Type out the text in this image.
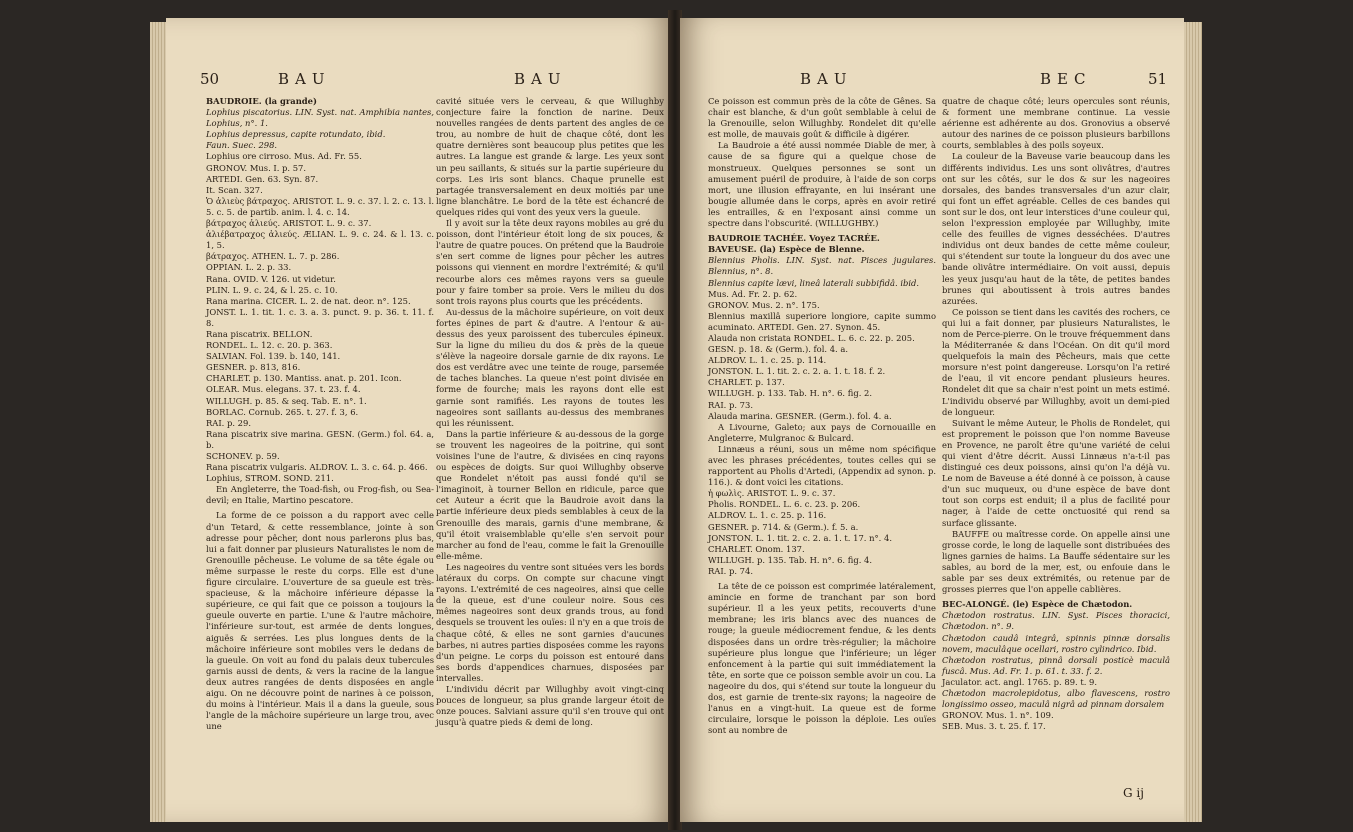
50	BAU	BAU

BAUDROIE. (la grande)

Lophius piscatorius. LIN. Syst. nat. Amphibia nantes, Lophius, n°. 1.

Lophius depressus, capite rotundato, ibid.

Faun. Suec. 298.

Lophius ore cirroso. Mus. Ad. Fr. 55.

GRONOV. Mus. I. p. 57.

ARTEDI. Gen. 63. Syn. 87.

It. Scan. 327.

Ὁ ἁλιεὺς βάτραχος. ARISTOT. L. 9. c. 37. l. 2. c. 13. l. 5. c. 5. de partib. anim. l. 4. c. 14.

βάτραχος ἁλιεύς. ARISTOT. L. 9. c. 37.

ἁλιέβατραχος ἁλιεύς. ÆLIAN. L. 9. c. 24. & l. 13. c. 1, 5.

βάτραχος. ATHEN. L. 7. p. 286.

OPPIAN. L. 2. p. 33.

Rana. OVID. V. 126. ut videtur.

PLIN. L. 9. c. 24, & l. 25. c. 10.

Rana marina. CICER. L. 2. de nat. deor. n°. 125.

JONST. L. 1. tit. 1. c. 3. a. 3. punct. 9. p. 36. t. 11. f. 8.

Rana piscatrix. BELLON.

RONDEL. L. 12. c. 20. p. 363.

SALVIAN. Fol. 139. b. 140, 141.

GESNER. p. 813, 816.

CHARLET. p. 130. Mantiss. anat. p. 201. Icon.

OLEAR. Mus. elegans. 37. t. 23. f. 4.

WILLUGH. p. 85. & seq. Tab. E. n°. 1.

BORLAC. Cornub. 265. t. 27. f. 3, 6.

RAI. p. 29.

Rana piscatrix sive marina. GESN. (Germ.) fol. 64. a, b.

SCHONEV. p. 59.

Rana piscatrix vulgaris. ALDROV. L. 3. c. 64. p. 466.

Lophius, STROM. SOND. 211.

En Angleterre, the Toad-fish, ou Frog-fish, ou Sea-devil; en Italie, Martino pescatore.

La forme de ce poisson a du rapport avec celle d'un Tetard, & cette ressemblance, jointe à son adresse pour pêcher, dont nous parlerons plus bas, lui a fait donner par plusieurs Naturalistes le nom de Grenouille pêcheuse. Le volume de sa tête égale ou même surpasse le reste du corps. Elle est d'une figure circulaire. L'ouverture de sa gueule est très-spacieuse, & la mâchoire inférieure dépasse la supérieure, ce qui fait que ce poisson a toujours la gueule ouverte en partie. L'une & l'autre mâchoire, l'inférieure sur-tout, est armée de dents longues, aiguës & serrées. Les plus longues dents de la mâchoire inférieure sont mobiles vers le dedans de la gueule. On voit au fond du palais deux tubercules garnis aussi de dents, & vers la racine de la langue deux autres rangées de dents disposées en angle aigu. On ne découvre point de narines à ce poisson, du moins à l'intérieur. Mais il a dans la gueule, sous l'angle de la mâchoire supérieure un large trou, avec une

cavité située vers le cerveau, & que Willughby conjecture faire la fonction de narine. Deux nouvelles rangées de dents partent des angles de ce trou, au nombre de huit de chaque côté, dont les quatre dernières sont beaucoup plus petites que les autres. La langue est grande & large. Les yeux sont un peu saillants, & situés sur la partie supérieure du corps. Les iris sont blancs. Chaque prunelle est partagée transversalement en deux moitiés par une ligne blanchâtre. Le bord de la tête est échancré de quelques rides qui vont des yeux vers la gueule.

Il y avoit sur la tête deux rayons mobiles au gré du poisson, dont l'intérieur étoit long de six pouces, & l'autre de quatre pouces. On prétend que la Baudroie s'en sert comme de lignes pour pêcher les autres poissons qui viennent en mordre l'extrémité; & qu'il recourbe alors ces mêmes rayons vers sa gueule pour y faire tomber sa proie. Vers le milieu du dos sont trois rayons plus courts que les précédents.

Au-dessus de la mâchoire supérieure, on voit deux fortes épines de part & d'autre. A l'entour & au-dessus des yeux paroissent des tubercules épineux. Sur la ligne du milieu du dos & près de la queue s'élève la nageoire dorsale garnie de dix rayons. Le dos est verdâtre avec une teinte de rouge, parsemée de taches blanches. La queue n'est point divisée en forme de fourche; mais les rayons dont elle est garnie sont ramifiés. Les rayons de toutes les nageoires sont saillants au-dessus des membranes qui les réunissent.

Dans la partie inférieure & au-dessous de la gorge se trouvent les nageoires de la poitrine, qui sont voisines l'une de l'autre, & divisées en cinq rayons ou espèces de doigts. Sur quoi Willughby observe que Rondelet n'étoit pas aussi fondé qu'il se l'imaginoit, à tourner Bellon en ridicule, parce que cet Auteur a écrit que la Baudroie avoit dans la partie inférieure deux pieds semblables à ceux de la Grenouille des marais, garnis d'une membrane, & qu'il étoit vraisemblable qu'elle s'en servoit pour marcher au fond de l'eau, comme le fait la Grenouille elle-même.

Les nageoires du ventre sont situées vers les bords latéraux du corps. On compte sur chacune vingt rayons. L'extrémité de ces nageoires, ainsi que celle de la queue, est d'une couleur noire. Sous ces mêmes nageoires sont deux grands trous, au fond desquels se trouvent les ouïes: il n'y en a que trois de chaque côté, & elles ne sont garnies d'aucunes barbes, ni autres parties disposées comme les rayons d'un peigne. Le corps du poisson est entouré dans ses bords d'appendices charnues, disposées par intervalles.

L'individu décrit par Willughby avoit vingt-cinq pouces de longueur, sa plus grande largeur étoit de onze pouces. Salviani assure qu'il s'en trouve qui ont jusqu'à quatre pieds & demi de long.

BAU	BEC	51

Ce poisson est commun près de la côte de Gênes. Sa chair est blanche, & d'un goût semblable à celui de la Grenouille, selon Willughby. Rondelet dit qu'elle est molle, de mauvais goût & difficile à digérer.

La Baudroie a été aussi nommée Diable de mer, à cause de sa figure qui a quelque chose de monstrueux. Quelques personnes se sont un amusement puéril de produire, à l'aide de son corps mort, une illusion effrayante, en lui insérant une bougie allumée dans le corps, après en avoir retiré les entrailles, & en l'exposant ainsi comme un spectre dans l'obscurité. (WILLUGHBY.)

BAUDROIE TACHÉE. Voyez TACRÉE.

BAVEUSE. (la) Espèce de Blenne.

Blennius Pholis. LIN. Syst. nat. Pisces jugulares. Blennius, n°. 8.

Blennius capite lævi, lineâ laterali subbifidâ. ibid.

Mus. Ad. Fr. 2. p. 62.

GRONOV. Mus. 2. n°. 175.

Blennius maxillâ superiore longiore, capite summo acuminato. ARTEDI. Gen. 27. Synon. 45.

Alauda non cristata RONDEL. L. 6. c. 22. p. 205.

GESN. p. 18. & (Germ.). fol. 4. a.

ALDROV. L. 1. c. 25. p. 114.

JONSTON. L. 1. tit. 2. c. 2. a. 1. t. 18. f. 2.

CHARLET. p. 137.

WILLUGH. p. 133. Tab. H. n°. 6. fig. 2.

RAI. p. 73.

Alauda marina. GESNER. (Germ.). fol. 4. a.

A Livourne, Galeto; aux pays de Cornouaille en Angleterre, Mulgranoc & Bulcard.

Linnæus a réuni, sous un même nom spécifique avec les phrases précédentes, toutes celles qui se rapportent au Pholis d'Artedi, (Appendix ad synon. p. 116.). & dont voici les citations.

ἡ φωλὶς. ARISTOT. L. 9. c. 37.

Pholis. RONDEL. L. 6. c. 23. p. 206.

ALDROV. L. 1. c. 25. p. 116.

GESNER. p. 714. & (Germ.). f. 5. a.

JONSTON. L. 1. tit. 2. c. 2. a. 1. t. 17. n°. 4.

CHARLET. Onom. 137.

WILLUGH. p. 135. Tab. H. n°. 6. fig. 4.

RAI. p. 74.

La tête de ce poisson est comprimée latéralement, amincie en forme de tranchant par son bord supérieur. Il a les yeux petits, recouverts d'une membrane; les iris blancs avec des nuances de rouge; la gueule médiocrement fendue, & les dents disposées dans un ordre très-régulier; la mâchoire supérieure plus longue que l'inférieure; un léger enfoncement à la partie qui suit immédiatement la tête, en sorte que ce poisson semble avoir un cou. La nageoire du dos, qui s'étend sur toute la longueur du dos, est garnie de trente-six rayons; la nageoire de l'anus en a vingt-huit. La queue est de forme circulaire, lorsque le poisson la déploie. Les ouïes sont au nombre de

quatre de chaque côté; leurs opercules sont réunis, & forment une membrane continue. La vessie aérienne est adhérente au dos. Gronovius a observé autour des narines de ce poisson plusieurs barbillons courts, semblables à des poils soyeux.

La couleur de la Baveuse varie beaucoup dans les différents individus. Les uns sont olivâtres, d'autres ont sur les côtés, sur le dos & sur les nageoires dorsales, des bandes transversales d'un azur clair, qui font un effet agréable. Celles de ces bandes qui sont sur le dos, ont leur interstices d'une couleur qui, selon l'expression employée par Willughby, imite celle des feuilles de vignes desséchées. D'autres individus ont deux bandes de cette même couleur, qui s'étendent sur toute la longueur du dos avec une bande olivâtre intermédiaire. On voit aussi, depuis les yeux jusqu'au haut de la tête, de petites bandes brunes qui aboutissent à trois autres bandes azurées.

Ce poisson se tient dans les cavités des rochers, ce qui lui a fait donner, par plusieurs Naturalistes, le nom de Perce-pierre. On le trouve fréquemment dans la Méditerranée & dans l'Océan. On dit qu'il mord quelquefois la main des Pêcheurs, mais que cette morsure n'est point dangereuse. Lorsqu'on l'a retiré de l'eau, il vit encore pendant plusieurs heures. Rondelet dit que sa chair n'est point un mets estimé. L'individu observé par Willughby, avoit un demi-pied de longueur.

Suivant le même Auteur, le Pholis de Rondelet, qui est proprement le poisson que l'on nomme Baveuse en Provence, ne paroît être qu'une variété de celui qui vient d'être décrit. Aussi Linnæus n'a-t-il pas distingué ces deux poissons, ainsi qu'on l'a déjà vu. Le nom de Baveuse a été donné à ce poisson, à cause d'un suc muqueux, ou d'une espèce de bave dont tout son corps est enduit; il a plus de facilité pour nager, à l'aide de cette onctuosité qui rend sa surface glissante.

BAUFFE ou maîtresse corde. On appelle ainsi une grosse corde, le long de laquelle sont distribuées des lignes garnies de haims. La Bauffe sédentaire sur les sables, au bord de la mer, est, ou enfouie dans le sable par ses deux extrémités, ou retenue par de grosses pierres que l'on appelle cablières.

BEC-ALONGÉ. (le) Espèce de Chætodon.

Chætodon rostratus. LIN. Syst. Pisces thoracici, Chætodon. n°. 9.

Chætodon caudâ integrâ, spinnis pinnæ dorsalis novem, maculâque ocellari, rostro cylindrico. Ibid.

Chætodon rostratus, pinnâ dorsali posticè maculâ fuscâ. Mus. Ad. Fr. 1. p. 61. t. 33. f. 2.

Jaculator. act. angl. 1765. p. 89. t. 9.

Chætodon macrolepidotus, albo flavescens, rostro longissimo osseo, maculâ nigrâ ad pinnam dorsalem

GRONOV. Mus. 1. n°. 109.

SEB. Mus. 3. t. 25. f. 17.

G ij
